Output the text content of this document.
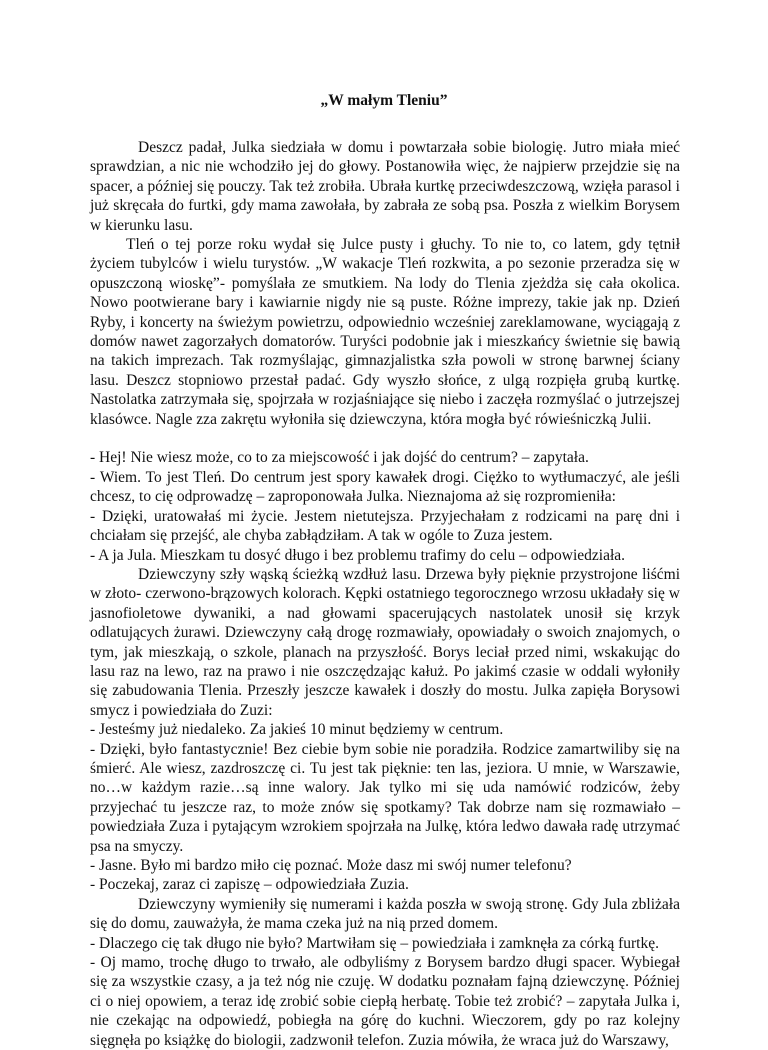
„W małym Tleniu”

Deszcz padał, Julka siedziała w domu i powtarzała sobie biologię. Jutro miała mieć sprawdzian, a nic nie wchodziło jej do głowy. Postanowiła więc, że najpierw przejdzie się na spacer, a później się pouczy. Tak też zrobiła. Ubrała kurtkę przeciwdeszczową, wzięła parasol i już skręcała do furtki, gdy mama zawołała, by zabrała ze sobą psa. Poszła z wielkim Borysem w kierunku lasu.

Tleń o tej porze roku wydał się Julce pusty i głuchy. To nie to, co latem, gdy tętnił życiem tubylców i wielu turystów. „W wakacje Tleń rozkwita, a po sezonie przeradza się w opuszczoną wioskę”- pomyślała ze smutkiem. Na lody do Tlenia zjeżdża się cała okolica. Nowo pootwierane bary i kawiarnie nigdy nie są puste. Różne imprezy, takie jak np. Dzień Ryby, i koncerty na świeżym powietrzu, odpowiednio wcześniej zareklamowane, wyciągają z domów nawet zagorzałych domatorów. Turyści podobnie jak i mieszkańcy świetnie się bawią na takich imprezach. Tak rozmyślając, gimnazjalistka szła powoli w stronę barwnej ściany lasu. Deszcz stopniowo przestał padać. Gdy wyszło słońce, z ulgą rozpięła grubą kurtkę. Nastolatka zatrzymała się, spojrzała w rozjaśniające się niebo i zaczęła rozmyślać o jutrzejszej klasówce. Nagle zza zakrętu wyłoniła się dziewczyna, która mogła być rówieśniczką Julii.

- Hej! Nie wiesz może, co to za miejscowość i jak dojść do centrum? – zapytała.

- Wiem. To jest Tleń. Do centrum jest spory kawałek drogi. Ciężko to wytłumaczyć, ale jeśli chcesz, to cię odprowadzę – zaproponowała Julka. Nieznajoma aż się rozpromieniła:

- Dzięki, uratowałaś mi życie. Jestem nietutejsza. Przyjechałam z rodzicami na parę dni i chciałam się przejść, ale chyba zabłądziłam. A tak w ogóle to Zuza jestem.

- A ja Jula. Mieszkam tu dosyć długo i bez problemu trafimy do celu – odpowiedziała.

Dziewczyny szły wąską ścieżką wzdłuż lasu. Drzewa były pięknie przystrojone liśćmi w złoto- czerwono-brązowych kolorach. Kępki ostatniego tegorocznego wrzosu układały się w jasnofioletowe dywaniki, a nad głowami spacerujących nastolatek unosił się krzyk odlatujących żurawi. Dziewczyny całą drogę rozmawiały, opowiadały o swoich znajomych, o tym, jak mieszkają, o szkole, planach na przyszłość. Borys leciał przed nimi, wskakując do lasu raz na lewo, raz na prawo i nie oszczędzając kałuż. Po jakimś czasie w oddali wyłoniły się zabudowania Tlenia. Przeszły jeszcze kawałek i doszły do mostu. Julka zapięła Borysowi smycz i powiedziała do Zuzi:

- Jesteśmy już niedaleko. Za jakieś 10 minut będziemy w centrum.

- Dzięki, było fantastycznie! Bez ciebie bym sobie nie poradziła. Rodzice zamartwiliby się na śmierć. Ale wiesz, zazdroszczę ci. Tu jest tak pięknie: ten las, jeziora. U mnie, w Warszawie, no…w każdym razie…są inne walory. Jak tylko mi się uda namówić rodziców, żeby przyjechać tu jeszcze raz, to może znów się spotkamy? Tak dobrze nam się rozmawiało – powiedziała Zuza i pytającym wzrokiem spojrzała na Julkę, która ledwo dawała radę utrzymać psa na smyczy.

- Jasne. Było mi bardzo miło cię poznać. Może dasz mi swój numer telefonu?

- Poczekaj, zaraz ci zapiszę – odpowiedziała Zuzia.

Dziewczyny wymieniły się numerami i każda poszła w swoją stronę. Gdy Jula zbliżała się do domu, zauważyła, że mama czeka już na nią przed domem.

- Dlaczego cię tak długo nie było? Martwiłam się – powiedziała i zamknęła za córką furtkę.

- Oj mamo, trochę długo to trwało, ale odbyliśmy z Borysem bardzo długi spacer. Wybiegał się za wszystkie czasy, a ja też nóg nie czuję. W dodatku poznałam fajną dziewczynę. Później ci o niej opowiem, a teraz idę zrobić sobie ciepłą herbatę. Tobie też zrobić? – zapytała Julka i, nie czekając na odpowiedź, pobiegła na górę do kuchni. Wieczorem, gdy po raz kolejny sięgnęła po książkę do biologii, zadzwonił telefon. Zuzia mówiła, że wraca już do Warszawy,
